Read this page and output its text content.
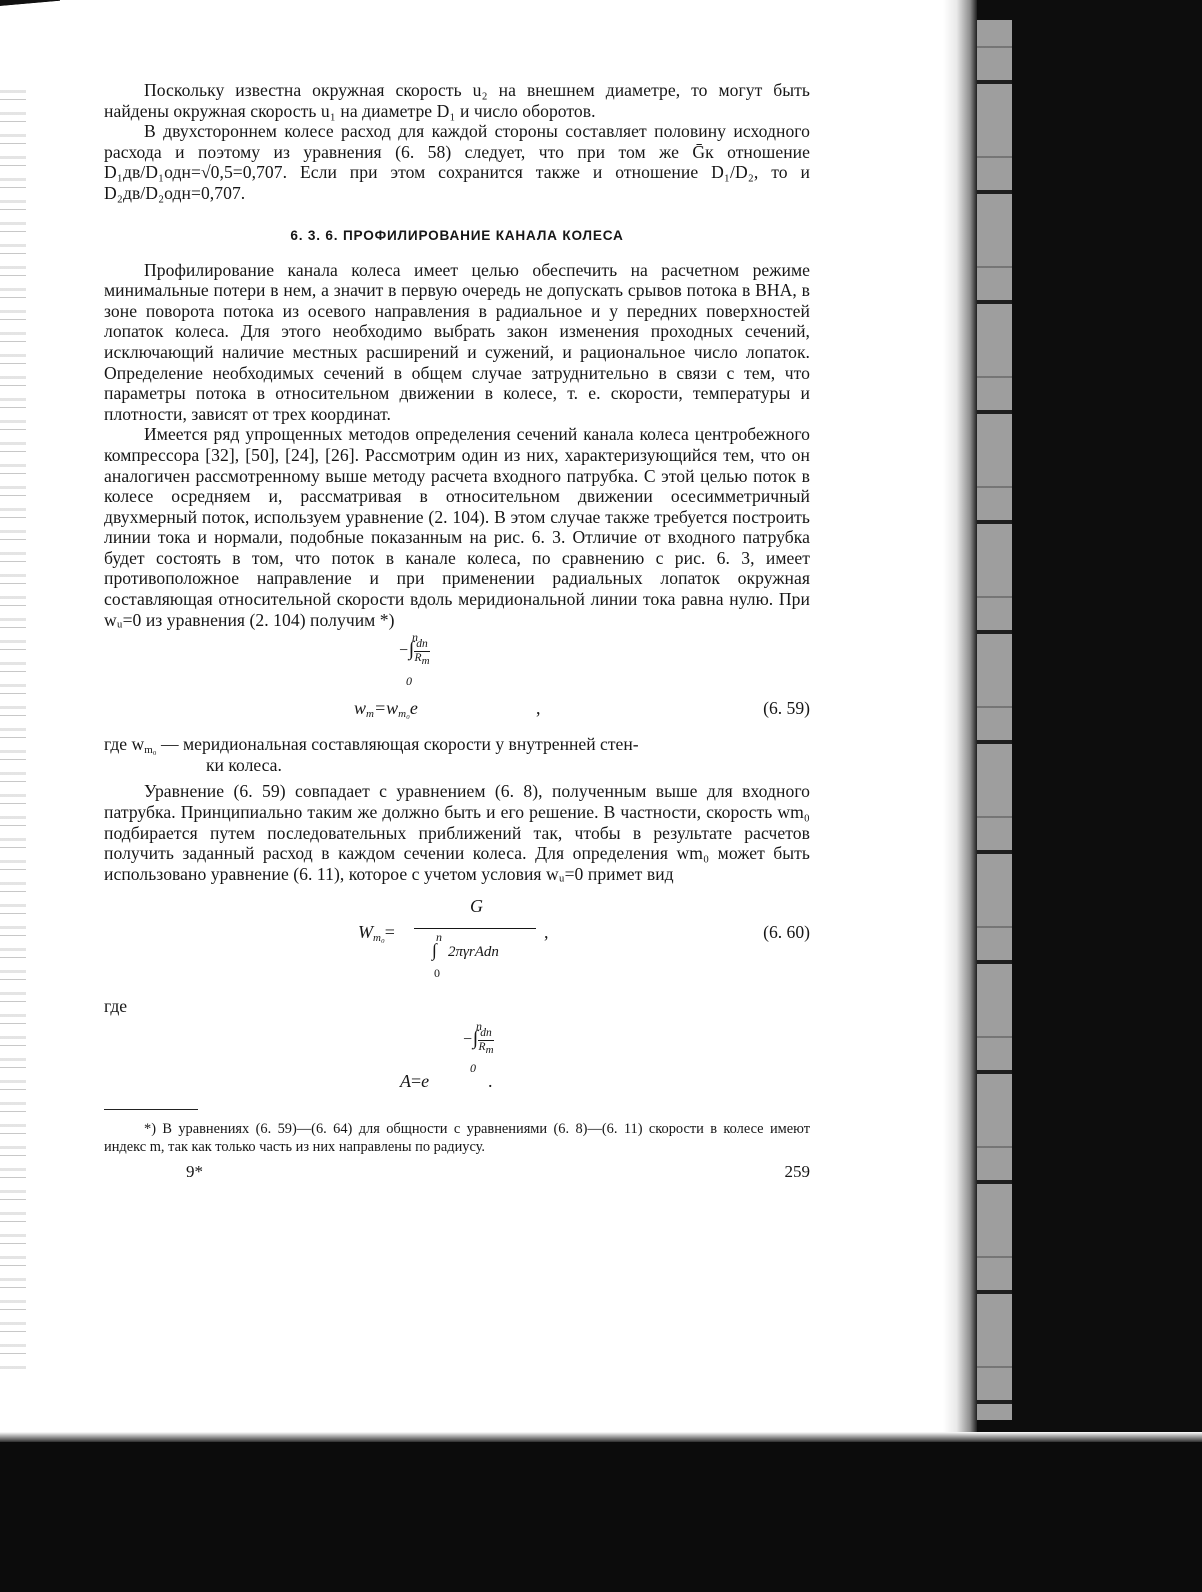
Поскольку известна окружная скорость u₂ на внешнем диаметре, то могут быть найдены окружная скорость u₁ на диаметре D₁ и число оборотов.

В двухстороннем колесе расход для каждой стороны составляет половину исходного расхода и поэтому из уравнения (6. 58) следует, что при том же Ḡк отношение D₁дв/D₁одн=√0,5=0,707. Если при этом сохранится также и отношение D₁/D₂, то и D₂дв/D₂одн=0,707.

6. 3. 6. ПРОФИЛИРОВАНИЕ КАНАЛА КОЛЕСА

Профилирование канала колеса имеет целью обеспечить на расчетном режиме минимальные потери в нем, а значит в первую очередь не допускать срывов потока в ВНА, в зоне поворота потока из осевого направления в радиальное и у передних поверхностей лопаток колеса. Для этого необходимо выбрать закон изменения проходных сечений, исключающий наличие местных расширений и сужений, и рациональное число лопаток. Определение необходимых сечений в общем случае затруднительно в связи с тем, что параметры потока в относительном движении в колесе, т. е. скорости, температуры и плотности, зависят от трех координат.

Имеется ряд упрощенных методов определения сечений канала колеса центробежного компрессора [32], [50], [24], [26]. Рассмотрим один из них, характеризующийся тем, что он аналогичен рассмотренному выше методу расчета входного патрубка. С этой целью поток в колесе осредняем и, рассматривая в относительном движении осесимметричный двухмерный поток, используем уравнение (2. 104). В этом случае также требуется построить линии тока и нормали, подобные показанным на рис. 6. 3. Отличие от входного патрубка будет состоять в том, что поток в канале колеса, по сравнению с рис. 6. 3, имеет противоположное направление и при применении радиальных лопаток окружная составляющая относительной скорости вдоль меридиональной линии тока равна нулю. При wᵤ=0 из уравнения (2. 104) получим *)

−∫ $\frac{dn}{R_m}$
n
0
$w_m=w_{m_0}e$	,	(6. 59)

где $w_{m_0}$ — меридиональная составляющая скорости у внутренней стен-
ки колеса.

Уравнение (6. 59) совпадает с уравнением (6. 8), полученным выше для входного патрубка. Принципиально таким же должно быть и его решение. В частности, скорость wm₀ подбирается путем последовательных приближений так, чтобы в результате расчетов получить заданный расход в каждом сечении колеса. Для определения wm₀ может быть использовано уравнение (6. 11), которое с учетом условия wᵤ=0 примет вид

$W_{m_0}=$
G
n
∫
0
2πγrAdn
,	(6. 60)

где

−∫ $\frac{dn}{R_m}$
n
0
A=e	.

*) В уравнениях (6. 59)—(6. 64) для общности с уравнениями (6. 8)—(6. 11) скорости в колесе имеют индекс m, так как только часть из них направлены по радиусу.

9*	259
